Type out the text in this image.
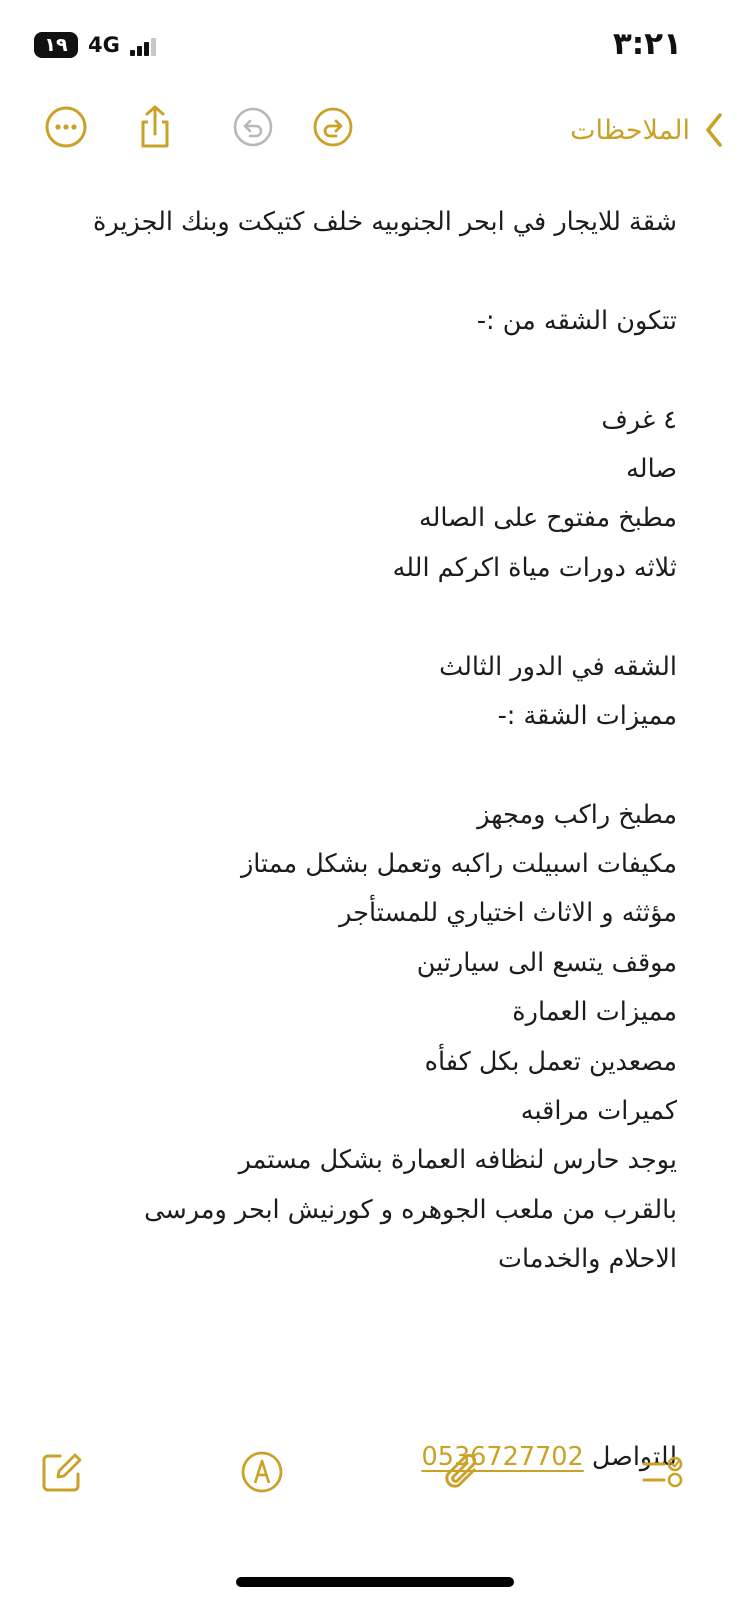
١٩ 4G	٣:٢١
الملاحظات
شقة للايجار في ابحر الجنوبيه خلف كتيكت وبنك الجزيرة
تتكون الشقه من :-
٤ غرف
صاله
مطبخ مفتوح على الصاله
ثلاثه دورات مياة اكركم الله
الشقه في الدور الثالث
مميزات الشقة :-
مطبخ راكب ومجهز
مكيفات اسبيلت راكبه وتعمل بشكل ممتاز
مؤثثه و الاثاث اختياري للمستأجر
موقف يتسع الى سيارتين
مميزات العمارة
مصعدين تعمل بكل كفأه
كميرات مراقبه
يوجد حارس لنظافه العمارة بشكل مستمر
بالقرب من ملعب الجوهره و كورنيش ابحر ومرسى
الاحلام والخدمات
للتواصل 0536727702
